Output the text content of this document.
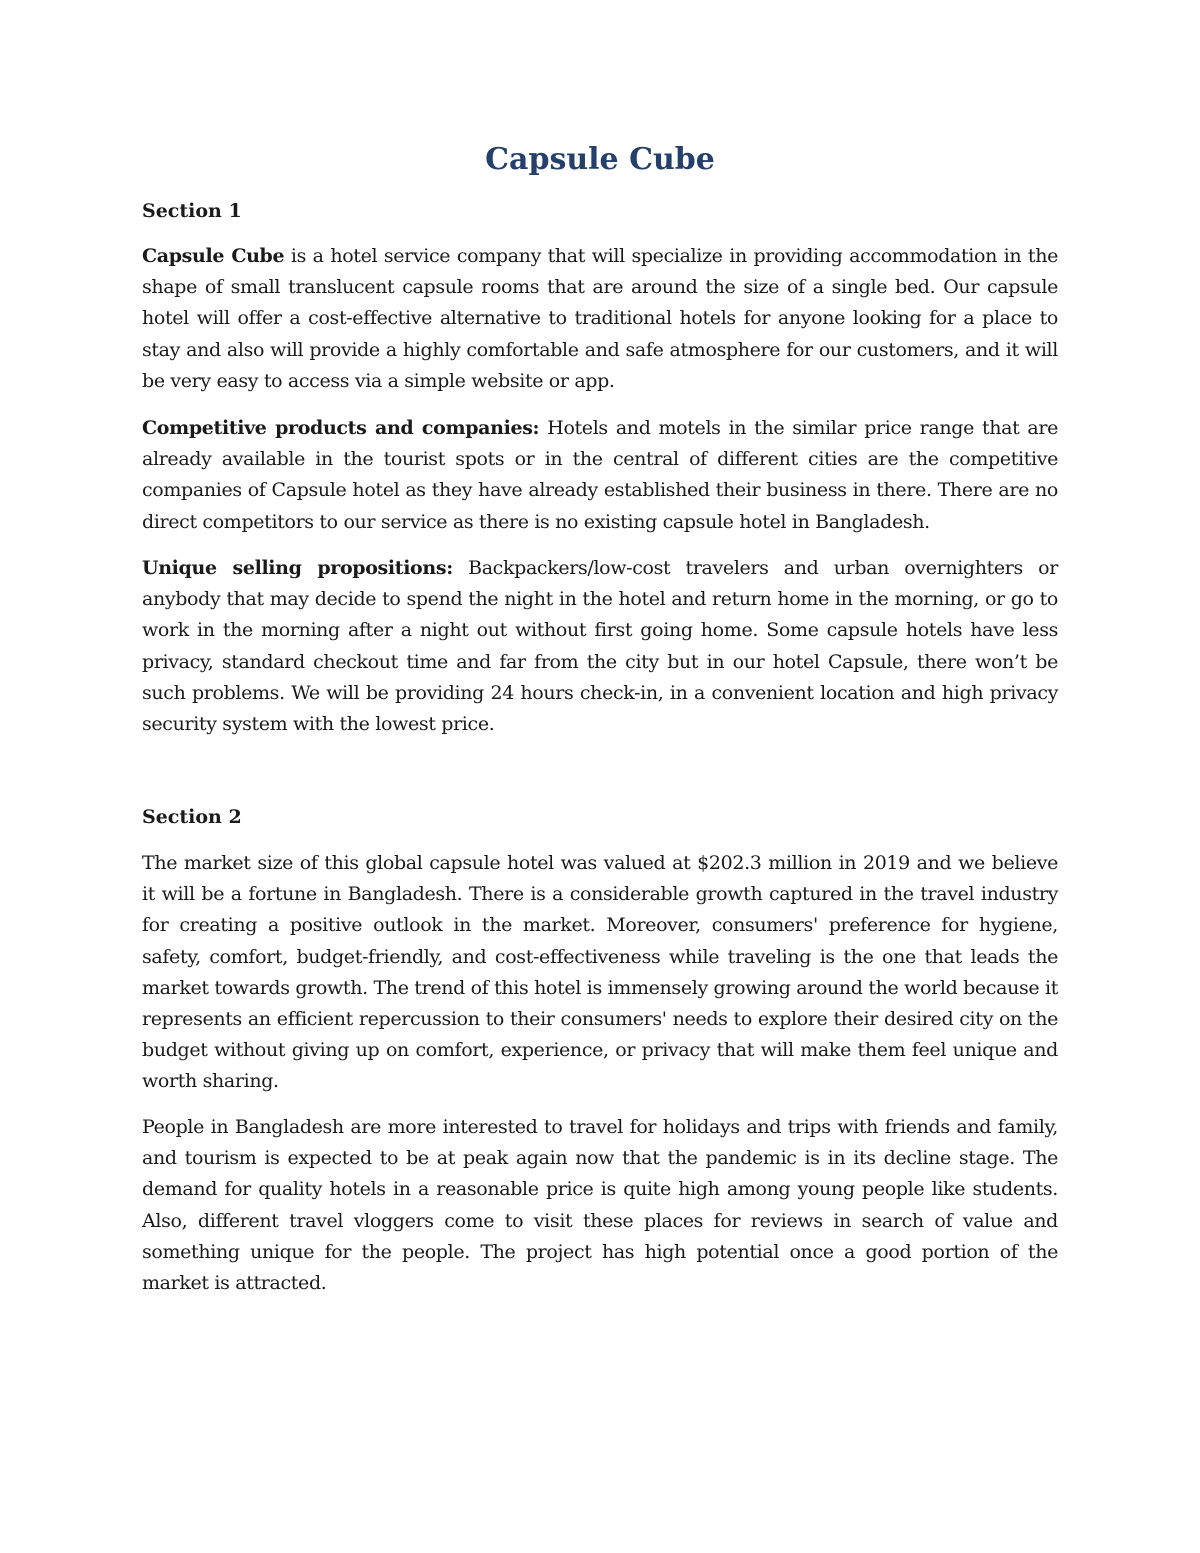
Capsule Cube
Section 1

Capsule Cube is a hotel service company that will specialize in providing accommodation in the shape of small translucent capsule rooms that are around the size of a single bed. Our capsule hotel will offer a cost-effective alternative to traditional hotels for anyone looking for a place to stay and also will provide a highly comfortable and safe atmosphere for our customers, and it will be very easy to access via a simple website or app.

Competitive products and companies: Hotels and motels in the similar price range that are already available in the tourist spots or in the central of different cities are the competitive companies of Capsule hotel as they have already established their business in there. There are no direct competitors to our service as there is no existing capsule hotel in Bangladesh.

Unique selling propositions: Backpackers/low-cost travelers and urban overnighters or anybody that may decide to spend the night in the hotel and return home in the morning, or go to work in the morning after a night out without first going home. Some capsule hotels have less privacy, standard checkout time and far from the city but in our hotel Capsule, there won’t be such problems. We will be providing 24 hours check-in, in a convenient location and high privacy security system with the lowest price.

Section 2

The market size of this global capsule hotel was valued at $202.3 million in 2019 and we believe it will be a fortune in Bangladesh. There is a considerable growth captured in the travel industry for creating a positive outlook in the market. Moreover, consumers' preference for hygiene, safety, comfort, budget-friendly, and cost-effectiveness while traveling is the one that leads the market towards growth. The trend of this hotel is immensely growing around the world because it represents an efficient repercussion to their consumers' needs to explore their desired city on the budget without giving up on comfort, experience, or privacy that will make them feel unique and worth sharing.

People in Bangladesh are more interested to travel for holidays and trips with friends and family, and tourism is expected to be at peak again now that the pandemic is in its decline stage. The demand for quality hotels in a reasonable price is quite high among young people like students. Also, different travel vloggers come to visit these places for reviews in search of value and something unique for the people. The project has high potential once a good portion of the market is attracted.
